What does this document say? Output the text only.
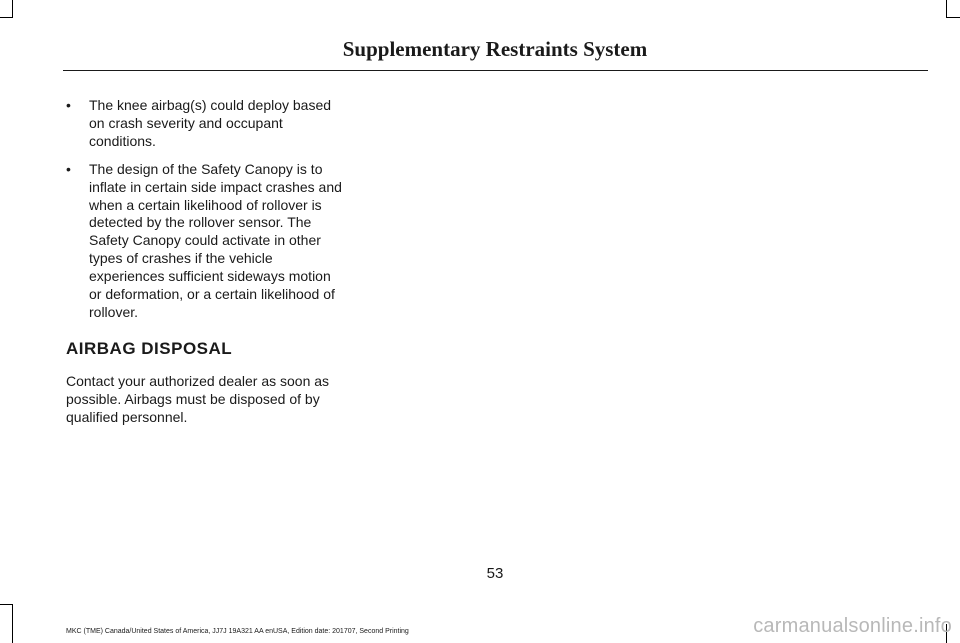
Supplementary Restraints System
• The knee airbag(s) could deploy based on crash severity and occupant conditions.
• The design of the Safety Canopy is to inflate in certain side impact crashes and when a certain likelihood of rollover is detected by the rollover sensor. The Safety Canopy could activate in other types of crashes if the vehicle experiences sufficient sideways motion or deformation, or a certain likelihood of rollover.
AIRBAG DISPOSAL

Contact your authorized dealer as soon as possible. Airbags must be disposed of by qualified personnel.

53
MKC (TME) Canada/United States of America, JJ7J 19A321 AA enUSA, Edition date: 201707, Second Printing	carmanualsonline.info
